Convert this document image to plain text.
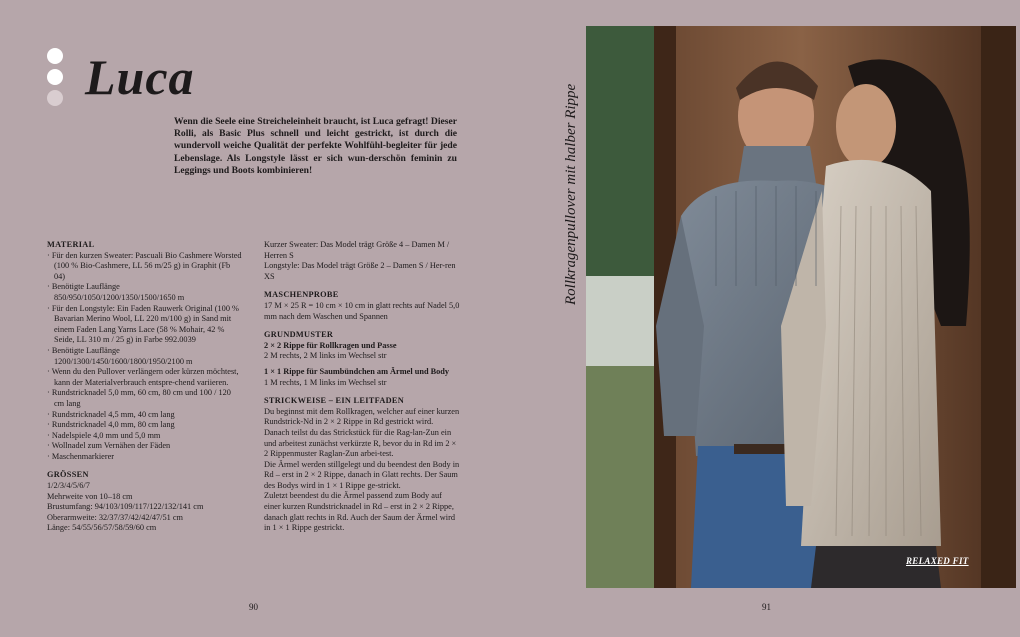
Luca

Wenn die Seele eine Streicheleinheit braucht, ist Luca gefragt! Dieser Rolli, als Basic Plus schnell und leicht gestrickt, ist durch die wundervoll weiche Qualität der perfekte Wohlfühl-begleiter für jede Lebenslage. Als Longstyle lässt er sich wun-derschön feminin zu Leggings und Boots kombinieren!

MATERIAL
· Für den kurzen Sweater: Pascuali Bio Cashmere Worsted (100 % Bio-Cashmere, LL 56 m/25 g) in Graphit (Fb 04)
· Benötigte Lauflänge 850/950/1050/1200/1350/1500/1650 m
· Für den Longstyle: Ein Faden Rauwerk Original (100 % Bavarian Merino Wool, LL 220 m/100 g) in Sand mit einem Faden Lang Yarns Lace (58 % Mohair, 42 % Seide, LL 310 m / 25 g) in Farbe 992.0039
· Benötigte Lauflänge 1200/1300/1450/1600/1800/1950/2100 m
· Wenn du den Pullover verlängern oder kürzen möchtest, kann der Materialverbrauch entspre-chend variieren.
· Rundstricknadel 5,0 mm, 60 cm, 80 cm und 100 / 120 cm lang
· Rundstricknadel 4,5 mm, 40 cm lang
· Rundstricknadel 4,0 mm, 80 cm lang
· Nadelspiele 4,0 mm und 5,0 mm
· Wollnadel zum Vernähen der Fäden
· Maschenmarkierer
GRÖSSEN
1/2/3/4/5/6/7
Mehrweite von 10–18 cm
Brustumfang: 94/103/109/117/122/132/141 cm
Oberarmweite: 32/37/37/42/42/47/51 cm
Länge: 54/55/56/57/58/59/60 cm
Kurzer Sweater: Das Model trägt Größe 4 – Damen M / Herren S
Longstyle: Das Model trägt Größe 2 – Damen S / Her-ren XS
MASCHENPROBE
17 M × 25 R = 10 cm × 10 cm in glatt rechts auf Nadel 5,0 mm nach dem Waschen und Spannen
GRUNDMUSTER
2 × 2 Rippe für Rollkragen und Passe
2 M rechts, 2 M links im Wechsel str
1 × 1 Rippe für Saumbündchen am Ärmel und Body
1 M rechts, 1 M links im Wechsel str
STRICKWEISE – EIN LEITFADEN
Du beginnst mit dem Rollkragen, welcher auf einer kurzen Rundstrick-Nd in 2 × 2 Rippe in Rd gestrickt wird. Danach teilst du das Strickstück für die Rag-lan-Zun ein und arbeitest zunächst verkürzte R, bevor du in Rd im 2 × 2 Rippenmuster Raglan-Zun arbei-test.
Die Ärmel werden stillgelegt und du beendest den Body in Rd – erst in 2 × 2 Rippe, danach in Glatt rechts. Der Saum des Bodys wird in 1 × 1 Rippe ge-strickt.
Zuletzt beendest du die Ärmel passend zum Body auf einer kurzen Rundstricknadel in Rd – erst in 2 × 2 Rippe, danach glatt rechts in Rd. Auch der Saum der Ärmel wird in 1 × 1 Rippe gestrickt.
90
Rollkragenpullover mit halber Rippe
RELAXED FIT
91
